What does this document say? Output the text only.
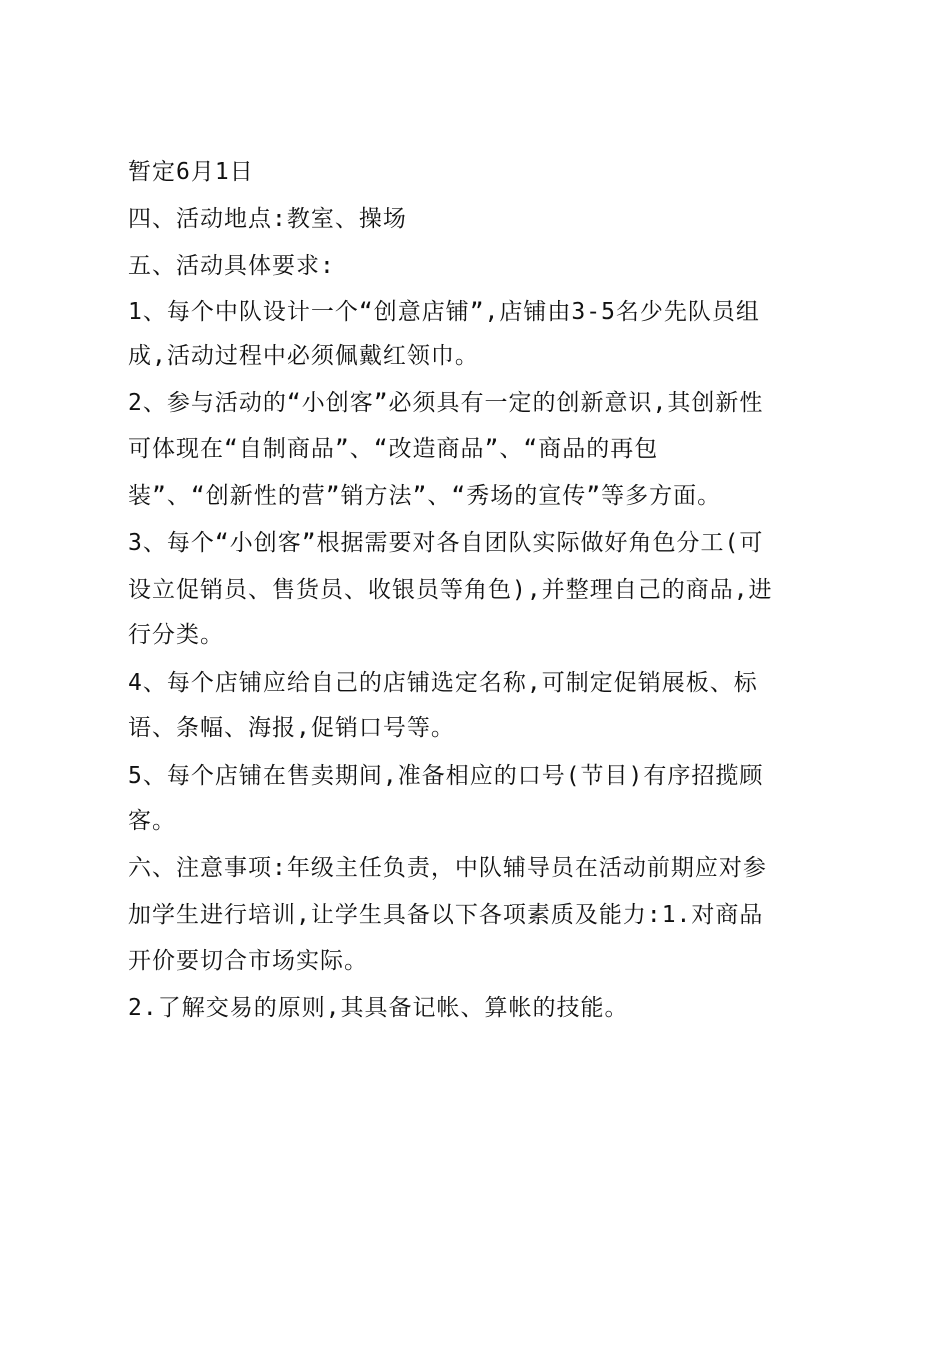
暂定6月1日
四、活动地点:教室、操场
五、活动具体要求:
1、每个中队设计一个“创意店铺”,店铺由3-5名少先队员组
成,活动过程中必须佩戴红领巾。
2、参与活动的“小创客”必须具有一定的创新意识,其创新性
可体现在“自制商品”、“改造商品”、“商品的再包
装”、“创新性的营”销方法”、“秀场的宣传”等多方面。
3、每个“小创客”根据需要对各自团队实际做好角色分工(可
设立促销员、售货员、收银员等角色),并整理自己的商品,进
行分类。
4、每个店铺应给自己的店铺选定名称,可制定促销展板、标
语、条幅、海报,促销口号等。
5、每个店铺在售卖期间,准备相应的口号(节目)有序招揽顾
客。
六、注意事项:年级主任负责，中队辅导员在活动前期应对参
加学生进行培训,让学生具备以下各项素质及能力:1.对商品
开价要切合市场实际。
2.了解交易的原则,其具备记帐、算帐的技能。
